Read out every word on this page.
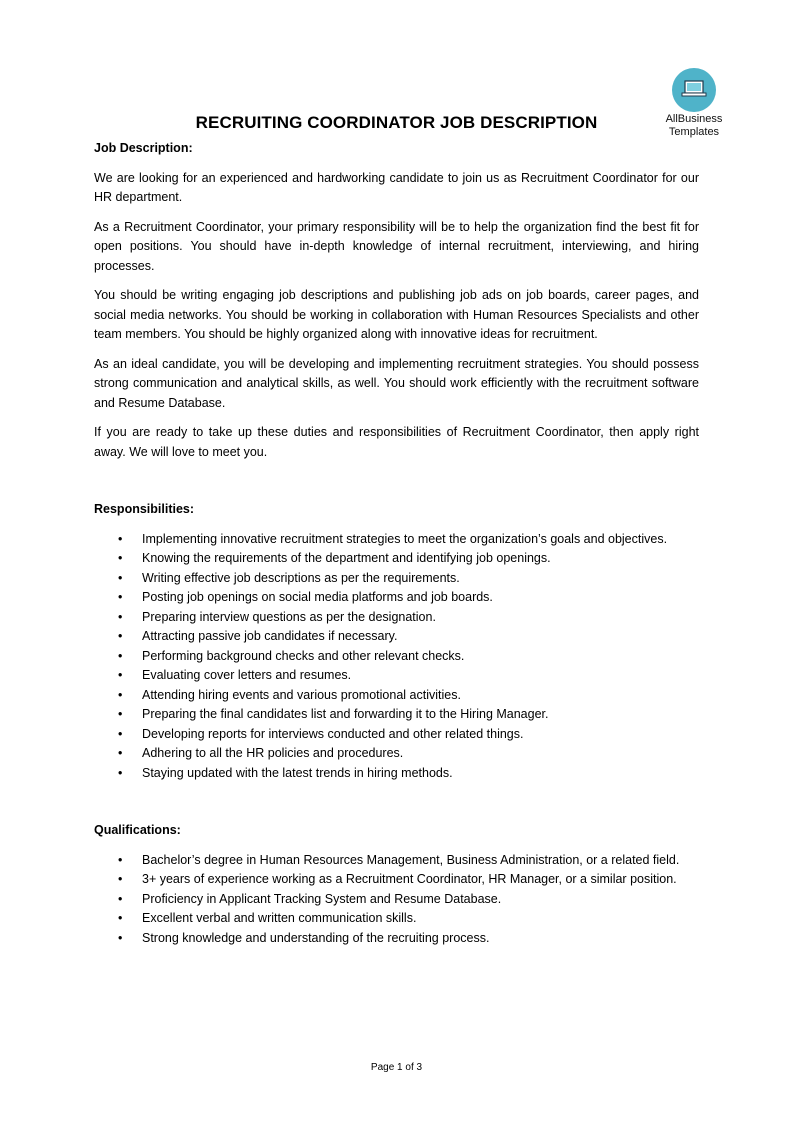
AllBusiness
Templates
RECRUITING COORDINATOR JOB DESCRIPTION

Job Description:

We are looking for an experienced and hardworking candidate to join us as Recruitment Coordinator for our HR department.

As a Recruitment Coordinator, your primary responsibility will be to help the organization find the best fit for open positions. You should have in-depth knowledge of internal recruitment, interviewing, and hiring processes.

You should be writing engaging job descriptions and publishing job ads on job boards, career pages, and social media networks. You should be working in collaboration with Human Resources Specialists and other team members. You should be highly organized along with innovative ideas for recruitment.

As an ideal candidate, you will be developing and implementing recruitment strategies. You should possess strong communication and analytical skills, as well. You should work efficiently with the recruitment software and Resume Database.

If you are ready to take up these duties and responsibilities of Recruitment Coordinator, then apply right away. We will love to meet you.

Responsibilities:

• Implementing innovative recruitment strategies to meet the organization’s goals and objectives.
• Knowing the requirements of the department and identifying job openings.
• Writing effective job descriptions as per the requirements.
• Posting job openings on social media platforms and job boards.
• Preparing interview questions as per the designation.
• Attracting passive job candidates if necessary.
• Performing background checks and other relevant checks.
• Evaluating cover letters and resumes.
• Attending hiring events and various promotional activities.
• Preparing the final candidates list and forwarding it to the Hiring Manager.
• Developing reports for interviews conducted and other related things.
• Adhering to all the HR policies and procedures.
• Staying updated with the latest trends in hiring methods.

Qualifications:

• Bachelor’s degree in Human Resources Management, Business Administration, or a related field.
• 3+ years of experience working as a Recruitment Coordinator, HR Manager, or a similar position.
• Proficiency in Applicant Tracking System and Resume Database.
• Excellent verbal and written communication skills.
• Strong knowledge and understanding of the recruiting process.
Page 1 of 3
